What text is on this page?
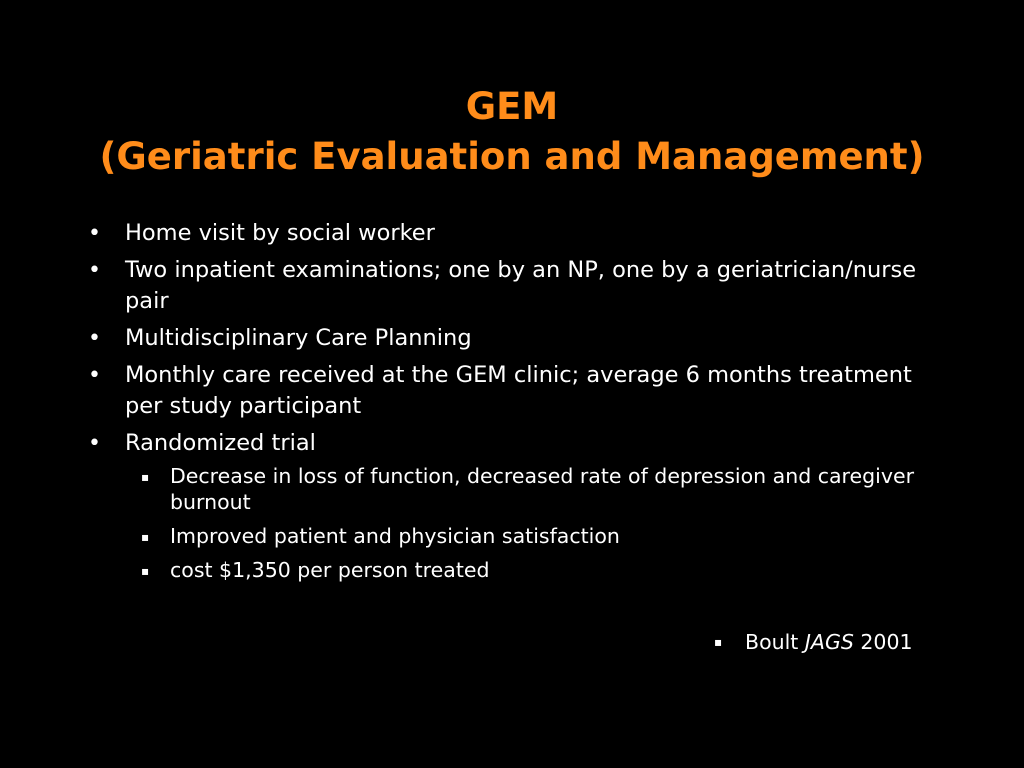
GEM
(Geriatric Evaluation and Management)
• Home visit by social worker
• Two inpatient examinations; one by an NP, one by a geriatrician/nurse pair
• Multidisciplinary Care Planning
• Monthly care received at the GEM clinic; average 6 months treatment per study participant
• Randomized trial
▪ Decrease in loss of function, decreased rate of depression and caregiver burnout
▪ Improved patient and physician satisfaction
▪ cost $1,350 per person treated
▪ Boult JAGS 2001
